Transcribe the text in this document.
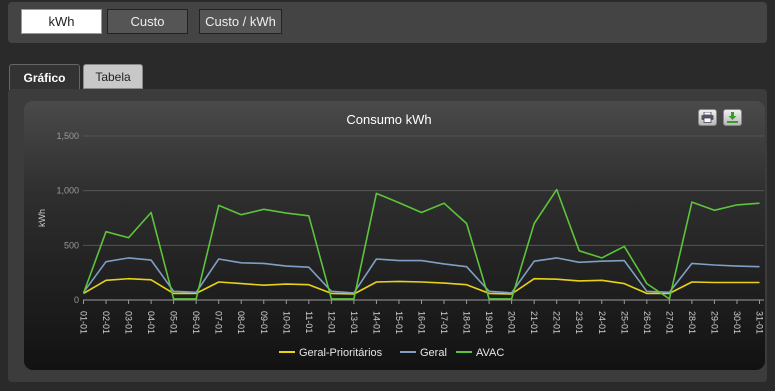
kWh	Custo	Custo / kWh
Gráfico	Tabela
Consumo kWh
kWh
0
500
1,000
1,500
01-01 02-01 03-01 04-01 05-01 06-01 07-01 08-01 09-01 10-01 11-01 12-01 13-01 14-01 15-01 16-01 17-01 18-01 19-01 20-01 21-01 22-01 23-01 24-01 25-01 26-01 27-01 28-01 29-01 30-01 31-01
Geral-Prioritários	Geral	AVAC
